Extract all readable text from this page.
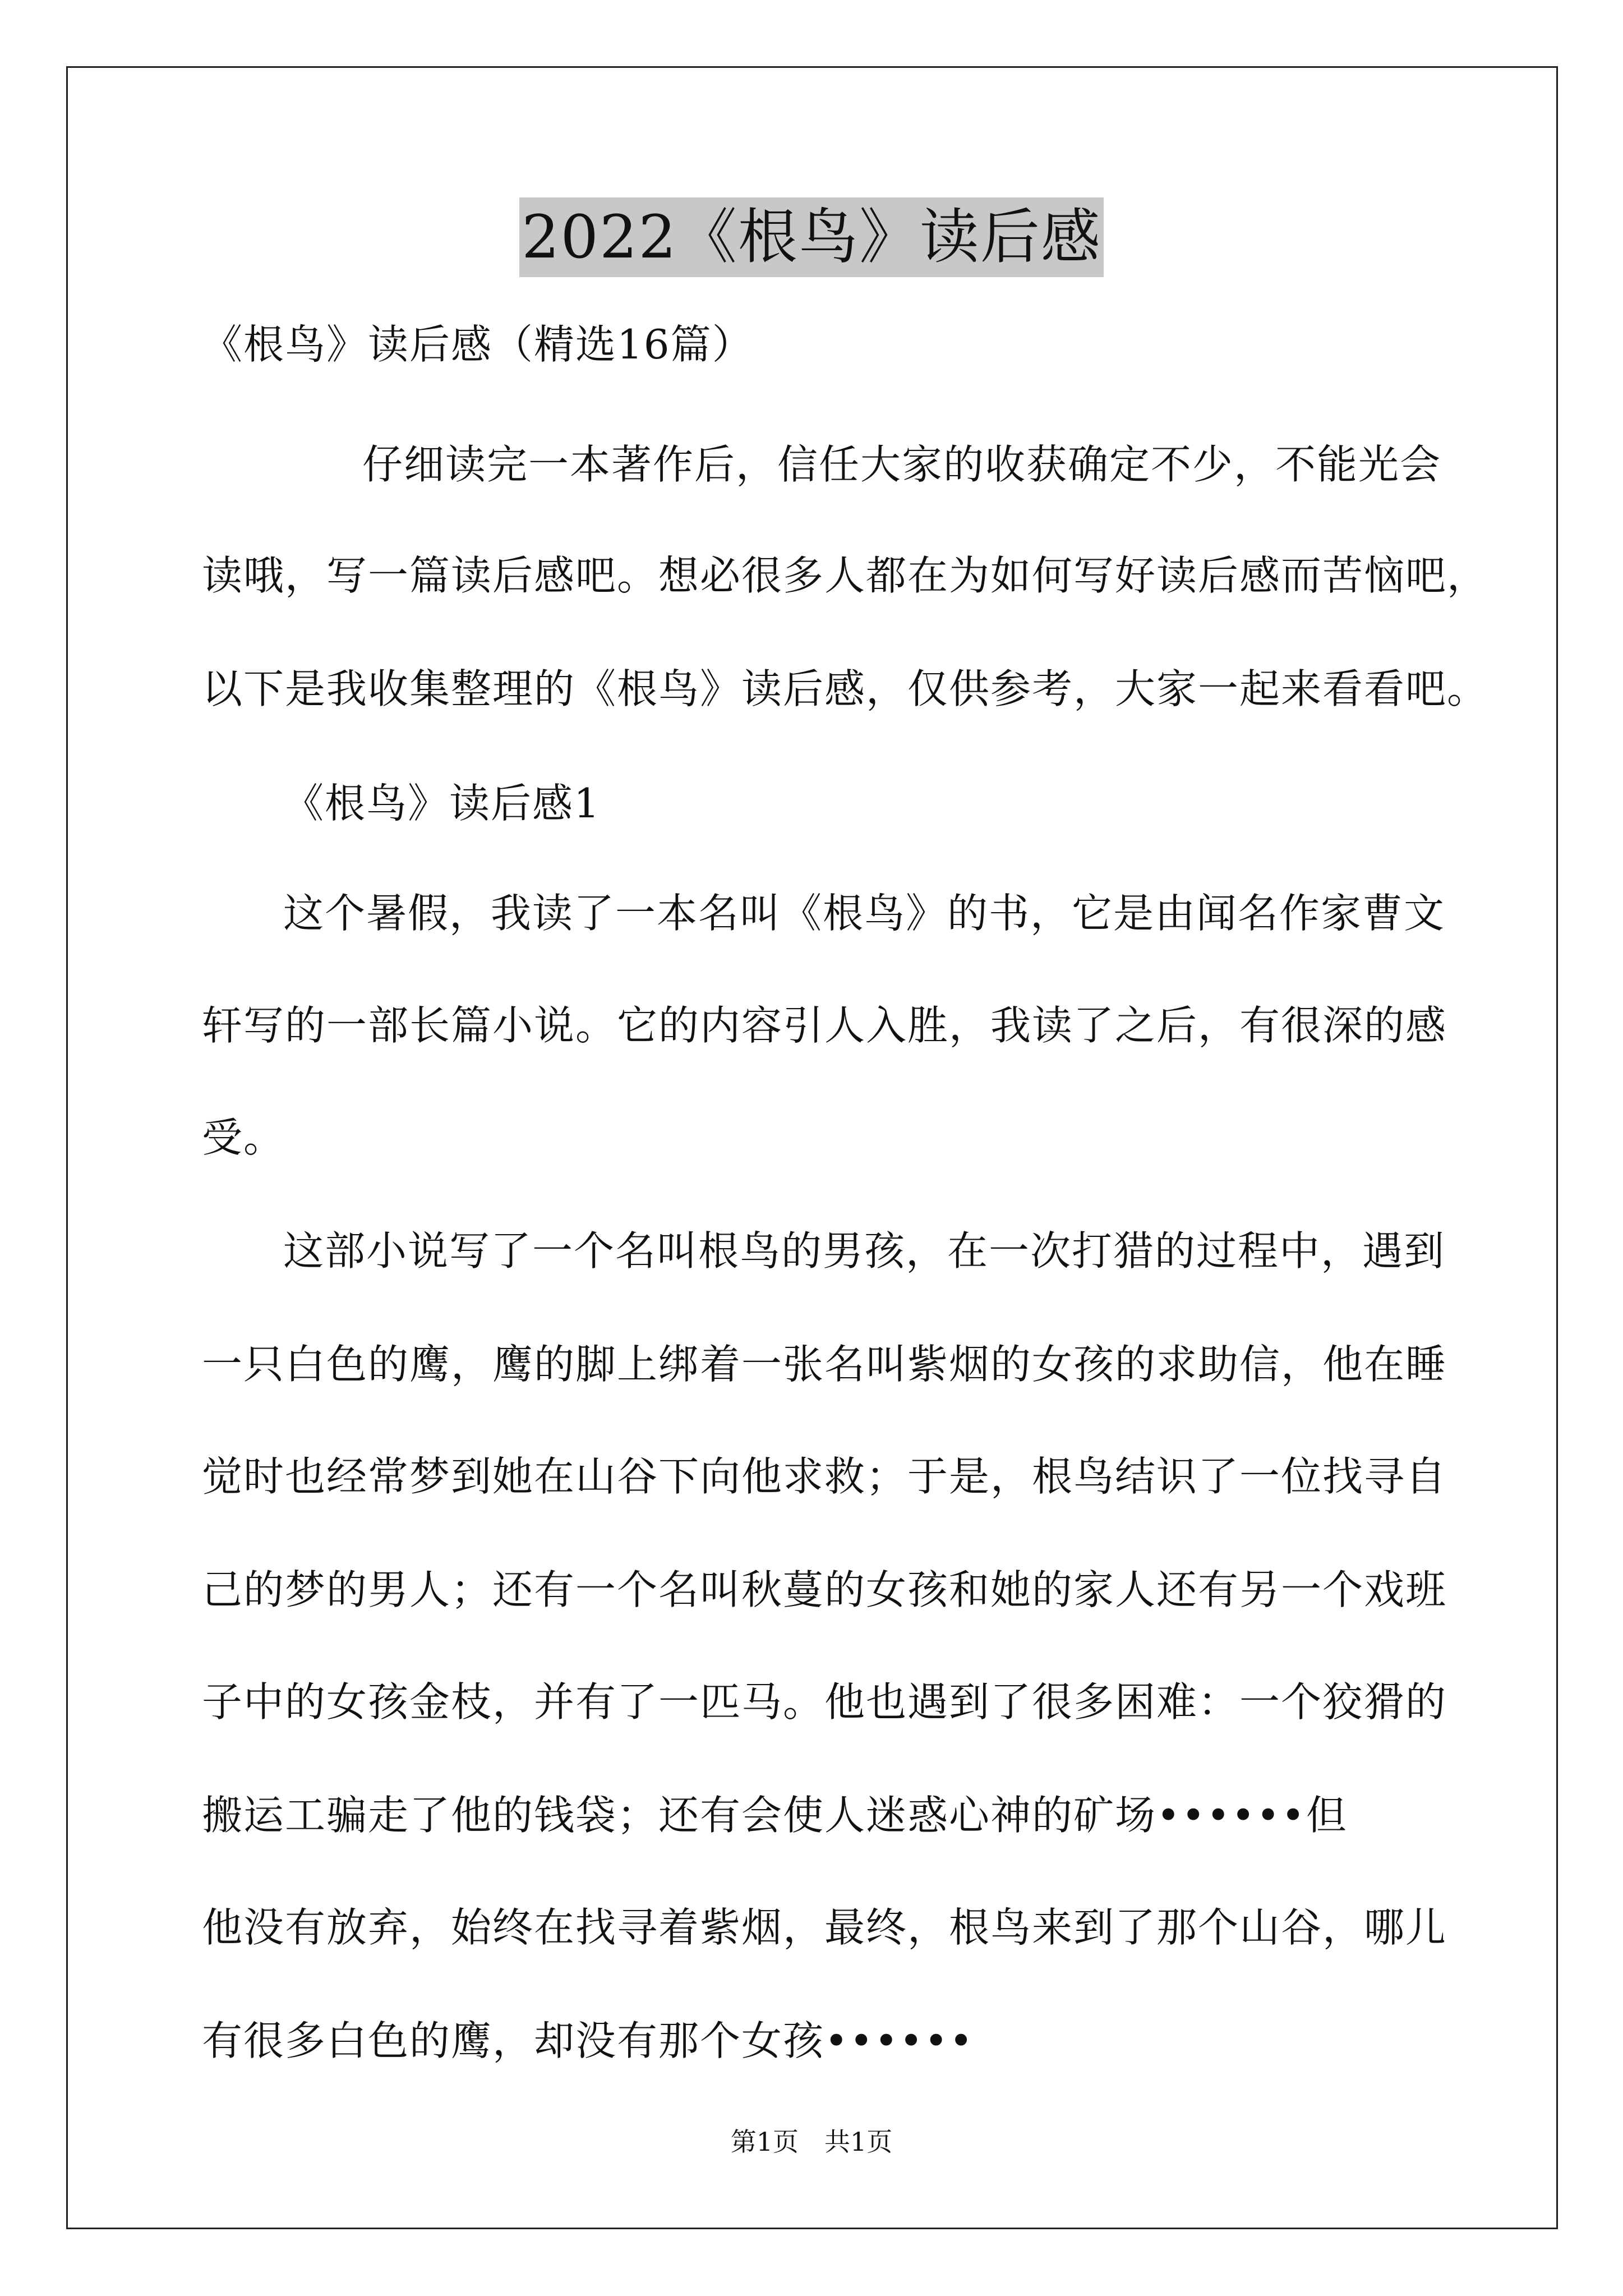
2022《根鸟》读后感
《根鸟》读后感（精选16篇）
仔细读完一本著作后，信任大家的收获确定不少，不能光会
读哦，写一篇读后感吧。想必很多人都在为如何写好读后感而苦恼吧，
以下是我收集整理的《根鸟》读后感，仅供参考，大家一起来看看吧。
《根鸟》读后感1
这个暑假，我读了一本名叫《根鸟》的书，它是由闻名作家曹文
轩写的一部长篇小说。它的内容引人入胜，我读了之后，有很深的感
受。
这部小说写了一个名叫根鸟的男孩，在一次打猎的过程中，遇到
一只白色的鹰，鹰的脚上绑着一张名叫紫烟的女孩的求助信，他在睡
觉时也经常梦到她在山谷下向他求救；于是，根鸟结识了一位找寻自
己的梦的男人；还有一个名叫秋蔓的女孩和她的家人还有另一个戏班
子中的女孩金枝，并有了一匹马。他也遇到了很多困难：一个狡猾的
搬运工骗走了他的钱袋；还有会使人迷惑心神的矿场••••••但
他没有放弃，始终在找寻着紫烟，最终，根鸟来到了那个山谷，哪儿
有很多白色的鹰，却没有那个女孩••••••
第1页　共1页
